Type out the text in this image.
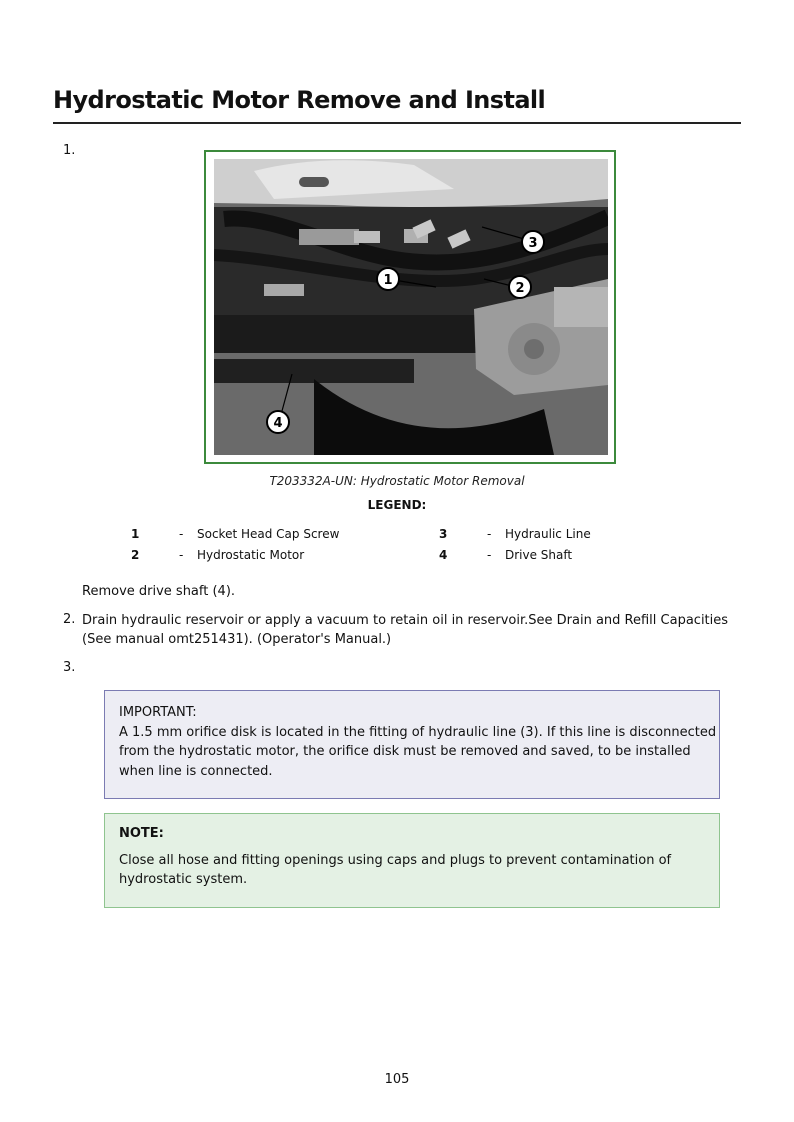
Hydrostatic Motor Remove and Install
1.
1
2
3
4
T203332A-UN: Hydrostatic Motor Removal
LEGEND:
1	- Socket Head Cap Screw
2	- Hydrostatic Motor
3	- Hydraulic Line
4	- Drive Shaft
Remove drive shaft (4).
2. Drain hydraulic reservoir or apply a vacuum to retain oil in reservoir.See Drain and Refill Capacities
(See manual omt251431). (Operator's Manual.)
3.
IMPORTANT:
A 1.5 mm orifice disk is located in the fitting of hydraulic line (3). If this line is disconnected
from the hydrostatic motor, the orifice disk must be removed and saved, to be installed
when line is connected.
NOTE:
Close all hose and fitting openings using caps and plugs to prevent contamination of
hydrostatic system.
105
